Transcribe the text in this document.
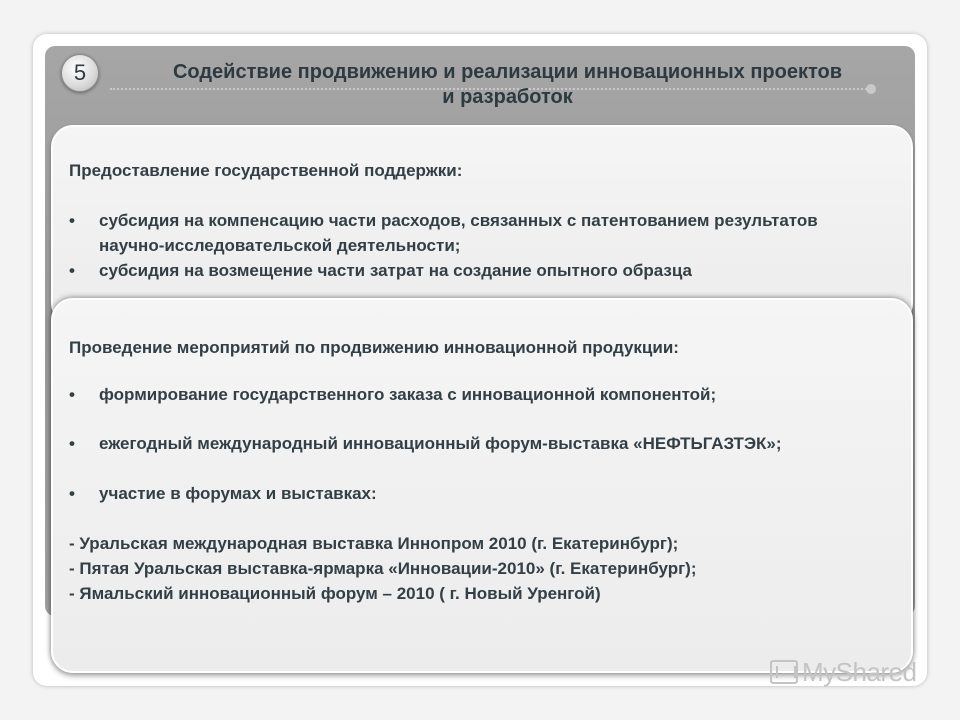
5	Содействие продвижению и реализации инновационных проектов
и разработок
Предоставление государственной поддержки:
• субсидия на компенсацию части расходов, связанных с патентованием результатов научно-исследовательской деятельности;
• субсидия на возмещение части затрат на создание опытного образца
Проведение мероприятий по продвижению инновационной продукции:
• формирование государственного заказа с инновационной компонентой;
• ежегодный международный инновационный форум-выставка «НЕФТЬГАЗТЭК»;
• участие в форумах и выставках:
- Уральская международная выставка Иннопром 2010 (г. Екатеринбург);
- Пятая Уральская выставка-ярмарка «Инновации-2010» (г. Екатеринбург);
- Ямальский инновационный форум – 2010 ( г. Новый Уренгой)
MyShared
